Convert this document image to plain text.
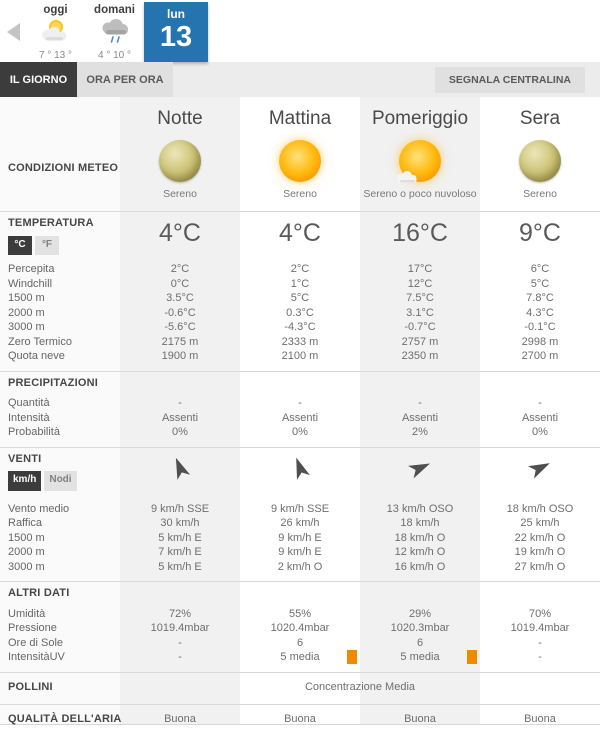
oggi
7 ° 13 °
domani
4 ° 10 °
lun
13
IL GIORNO	ORA PER ORA	SEGNALA CENTRALINA
Notte	Mattina	Pomeriggio	Sera
CONDIZIONI METEO
Sereno	Sereno	Sereno o poco nuvoloso	Sereno
TEMPERATURA
°C	°F	4°C	4°C	16°C	9°C
Percepita	2°C	2°C	17°C	6°C
Windchill	0°C	1°C	12°C	5°C
1500 m	3.5°C	5°C	7.5°C	7.8°C
2000 m	-0.6°C	0.3°C	3.1°C	4.3°C
3000 m	-5.6°C	-4.3°C	-0.7°C	-0.1°C
Zero Termico	2175 m	2333 m	2757 m	2998 m
Quota neve	1900 m	2100 m	2350 m	2700 m
PRECIPITAZIONI
Quantità	-	-	-	-
Intensità	Assenti	Assenti	Assenti	Assenti
Probabilità	0%	0%	2%	0%
VENTI
km/h	Nodi
Vento medio	9 km/h SSE	9 km/h SSE	13 km/h OSO	18 km/h OSO
Raffica	30 km/h	26 km/h	18 km/h	25 km/h
1500 m	5 km/h E	9 km/h E	18 km/h O	22 km/h O
2000 m	7 km/h E	9 km/h E	12 km/h O	19 km/h O
3000 m	5 km/h E	2 km/h O	16 km/h O	27 km/h O
ALTRI DATI
Umidità	72%	55%	29%	70%
Pressione	1019.4mbar	1020.4mbar	1020.3mbar	1019.4mbar
Ore di Sole	-	6	6	-
IntensitàUV	-	5 media	5 media	-
POLLINI	Concentrazione Media
QUALITÀ DELL'ARIA	Buona	Buona	Buona	Buona
